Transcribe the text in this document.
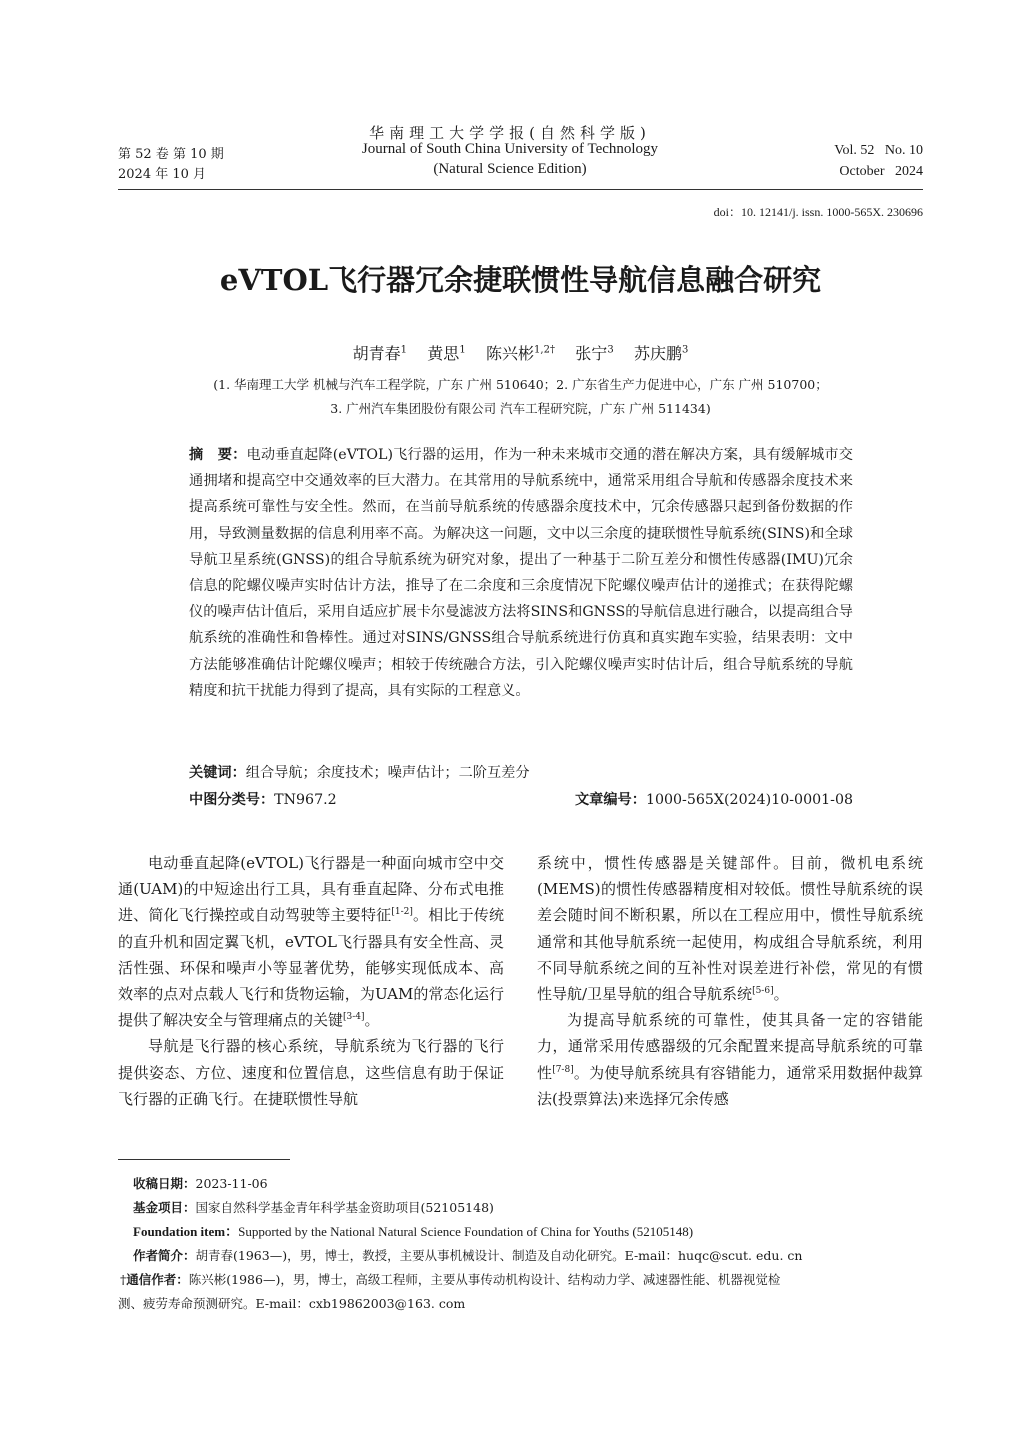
华南理工大学学报(自然科学版)
Journal of South China University of Technology
(Natural Science Edition)
第 52 卷 第 10 期
2024 年 10 月
Vol. 52   No. 10
October   2024
doi：10. 12141/j. issn. 1000-565X. 230696
eVTOL飞行器冗余捷联惯性导航信息融合研究
胡青春$^1$ 黄思$^1$ 陈兴彬$^{1,2\dagger}$ 张宁$^3$ 苏庆鹏$^3$
(1. 华南理工大学 机械与汽车工程学院，广东 广州 510640；2. 广东省生产力促进中心，广东 广州 510700；
3. 广州汽车集团股份有限公司 汽车工程研究院，广东 广州 511434)

摘　要：电动垂直起降(eVTOL)飞行器的运用，作为一种未来城市交通的潜在解决方案，具有缓解城市交通拥堵和提高空中交通效率的巨大潜力。在其常用的导航系统中，通常采用组合导航和传感器余度技术来提高系统可靠性与安全性。然而，在当前导航系统的传感器余度技术中，冗余传感器只起到备份数据的作用，导致测量数据的信息利用率不高。为解决这一问题，文中以三余度的捷联惯性导航系统(SINS)和全球导航卫星系统(GNSS)的组合导航系统为研究对象，提出了一种基于二阶互差分和惯性传感器(IMU)冗余信息的陀螺仪噪声实时估计方法，推导了在二余度和三余度情况下陀螺仪噪声估计的递推式；在获得陀螺仪的噪声估计值后，采用自适应扩展卡尔曼滤波方法将SINS和GNSS的导航信息进行融合，以提高组合导航系统的准确性和鲁棒性。通过对SINS/GNSS组合导航系统进行仿真和真实跑车实验，结果表明：文中方法能够准确估计陀螺仪噪声；相较于传统融合方法，引入陀螺仪噪声实时估计后，组合导航系统的导航精度和抗干扰能力得到了提高，具有实际的工程意义。

关键词：组合导航；余度技术；噪声估计；二阶互差分
中图分类号：TN967.2	文章编号：1000-565X(2024)10-0001-08

电动垂直起降(eVTOL)飞行器是一种面向城市空中交通(UAM)的中短途出行工具，具有垂直起降、分布式电推进、简化飞行操控或自动驾驶等主要特征[1-2]。相比于传统的直升机和固定翼飞机，eVTOL飞行器具有安全性高、灵活性强、环保和噪声小等显著优势，能够实现低成本、高效率的点对点载人飞行和货物运输，为UAM的常态化运行提供了解决安全与管理痛点的关键[3-4]。

导航是飞行器的核心系统，导航系统为飞行器的飞行提供姿态、方位、速度和位置信息，这些信息有助于保证飞行器的正确飞行。在捷联惯性导航

系统中，惯性传感器是关键部件。目前，微机电系统(MEMS)的惯性传感器精度相对较低。惯性导航系统的误差会随时间不断积累，所以在工程应用中，惯性导航系统通常和其他导航系统一起使用，构成组合导航系统，利用不同导航系统之间的互补性对误差进行补偿，常见的有惯性导航/卫星导航的组合导航系统[5-6]。

为提高导航系统的可靠性，使其具备一定的容错能力，通常采用传感器级的冗余配置来提高导航系统的可靠性[7-8]。为使导航系统具有容错能力，通常采用数据仲裁算法(投票算法)来选择冗余传感

收稿日期：2023-11-06
基金项目：国家自然科学基金青年科学基金资助项目(52105148)
Foundation item：Supported by the National Natural Science Foundation of China for Youths (52105148)
作者简介：胡青春(1963—)，男，博士，教授，主要从事机械设计、制造及自动化研究。E-mail：huqc@scut. edu. cn
†通信作者：陈兴彬(1986—)，男，博士，高级工程师，主要从事传动机构设计、结构动力学、减速器性能、机器视觉检
测、疲劳寿命预测研究。E-mail：cxb19862003@163. com
